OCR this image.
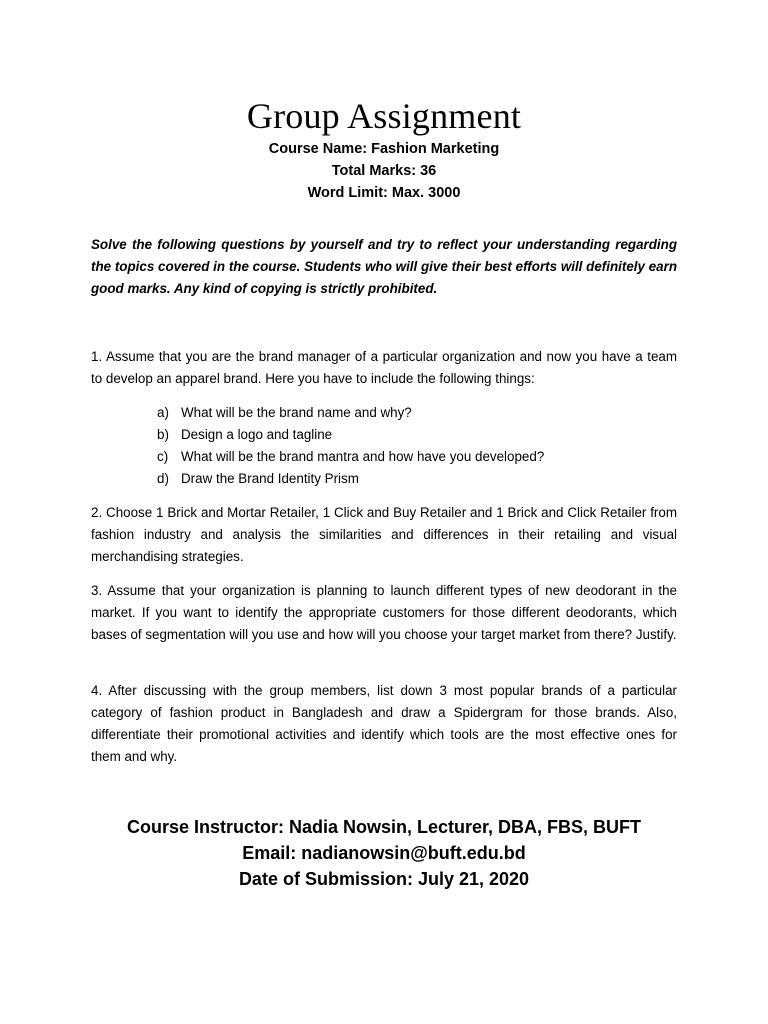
Group Assignment
Course Name: Fashion Marketing
Total Marks: 36
Word Limit: Max. 3000
Solve the following questions by yourself and try to reflect your understanding regarding the topics covered in the course. Students who will give their best efforts will definitely earn good marks. Any kind of copying is strictly prohibited.
1. Assume that you are the brand manager of a particular organization and now you have a team to develop an apparel brand. Here you have to include the following things:
a) What will be the brand name and why?
b) Design a logo and tagline
c) What will be the brand mantra and how have you developed?
d) Draw the Brand Identity Prism
2. Choose 1 Brick and Mortar Retailer, 1 Click and Buy Retailer and 1 Brick and Click Retailer from fashion industry and analysis the similarities and differences in their retailing and visual merchandising strategies.
3. Assume that your organization is planning to launch different types of new deodorant in the market. If you want to identify the appropriate customers for those different deodorants, which bases of segmentation will you use and how will you choose your target market from there? Justify.
4. After discussing with the group members, list down 3 most popular brands of a particular category of fashion product in Bangladesh and draw a Spidergram for those brands. Also, differentiate their promotional activities and identify which tools are the most effective ones for them and why.
Course Instructor: Nadia Nowsin, Lecturer, DBA, FBS, BUFT
Email: nadianowsin@buft.edu.bd
Date of Submission: July 21, 2020
